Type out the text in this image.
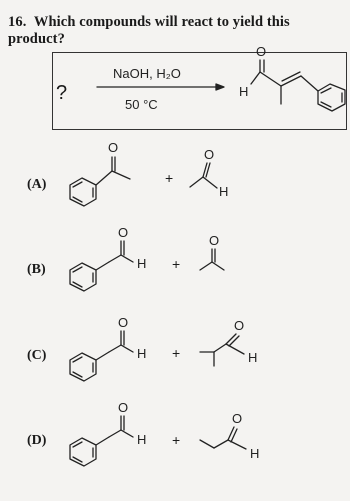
16. Which compounds will react to yield this product?
?
NaOH, H₂O
50 °C
H
O
(A)
O
+
O
H
(B)
O
H +
O
(C)
O
H +
O
H
(D)
O
H +
O
H
